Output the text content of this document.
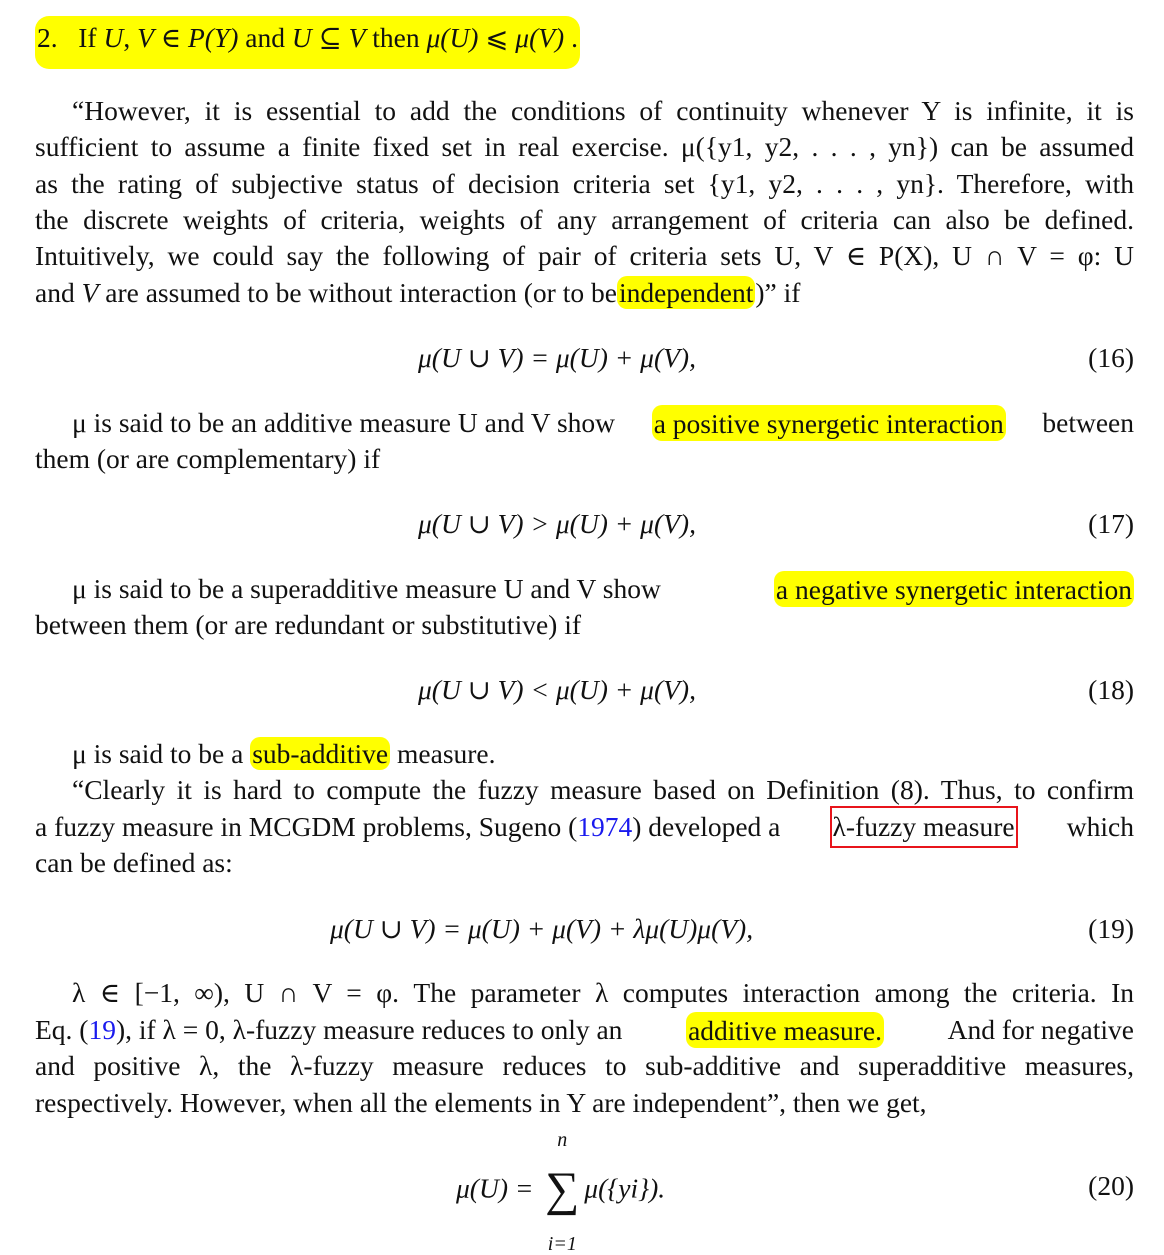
2. If U, V ∈ P(Y) and U ⊆ V then μ(U) ⩽ μ(V) .
“However, it is essential to add the conditions of continuity whenever Y is infinite, it is
sufficient to assume a finite fixed set in real exercise. μ({y1, y2, . . . , yn}) can be assumed
as the rating of subjective status of decision criteria set {y1, y2, . . . , yn}. Therefore, with
the discrete weights of criteria, weights of any arrangement of criteria can also be defined.
Intuitively, we could say the following of pair of criteria sets U, V ∈ P(X), U ∩ V = φ: U
and V are assumed to be without interaction (or to beindependent)” if
μ(U ∪ V) = μ(U) + μ(V),	(16)
μ is said to be an additive measure U and V show a positive synergetic interaction between
them (or are complementary) if
μ(U ∪ V) > μ(U) + μ(V),	(17)
μ is said to be a superadditive measure U and V show	a negative synergetic interaction
between them (or are redundant or substitutive) if
μ(U ∪ V) < μ(U) + μ(V),	(18)
μ is said to be a sub-additive measure.
“Clearly it is hard to compute the fuzzy measure based on Definition (8). Thus, to confirm
a fuzzy measure in MCGDM problems, Sugeno (1974) developed a λ-fuzzy measure which
can be defined as:
μ(U ∪ V) = μ(U) + μ(V) + λμ(U)μ(V),	(19)
λ ∈ [−1, ∞), U ∩ V = φ. The parameter λ computes interaction among the criteria. In
Eq. (19), if λ = 0, λ-fuzzy measure reduces to only an additive measure. And for negative
and positive λ, the λ-fuzzy measure reduces to sub-additive and superadditive measures,
respectively. However, when all the elements in Y are independent”, then we get,
μ(U) =
n
∑
i=1
μ({yi}).	(20)
